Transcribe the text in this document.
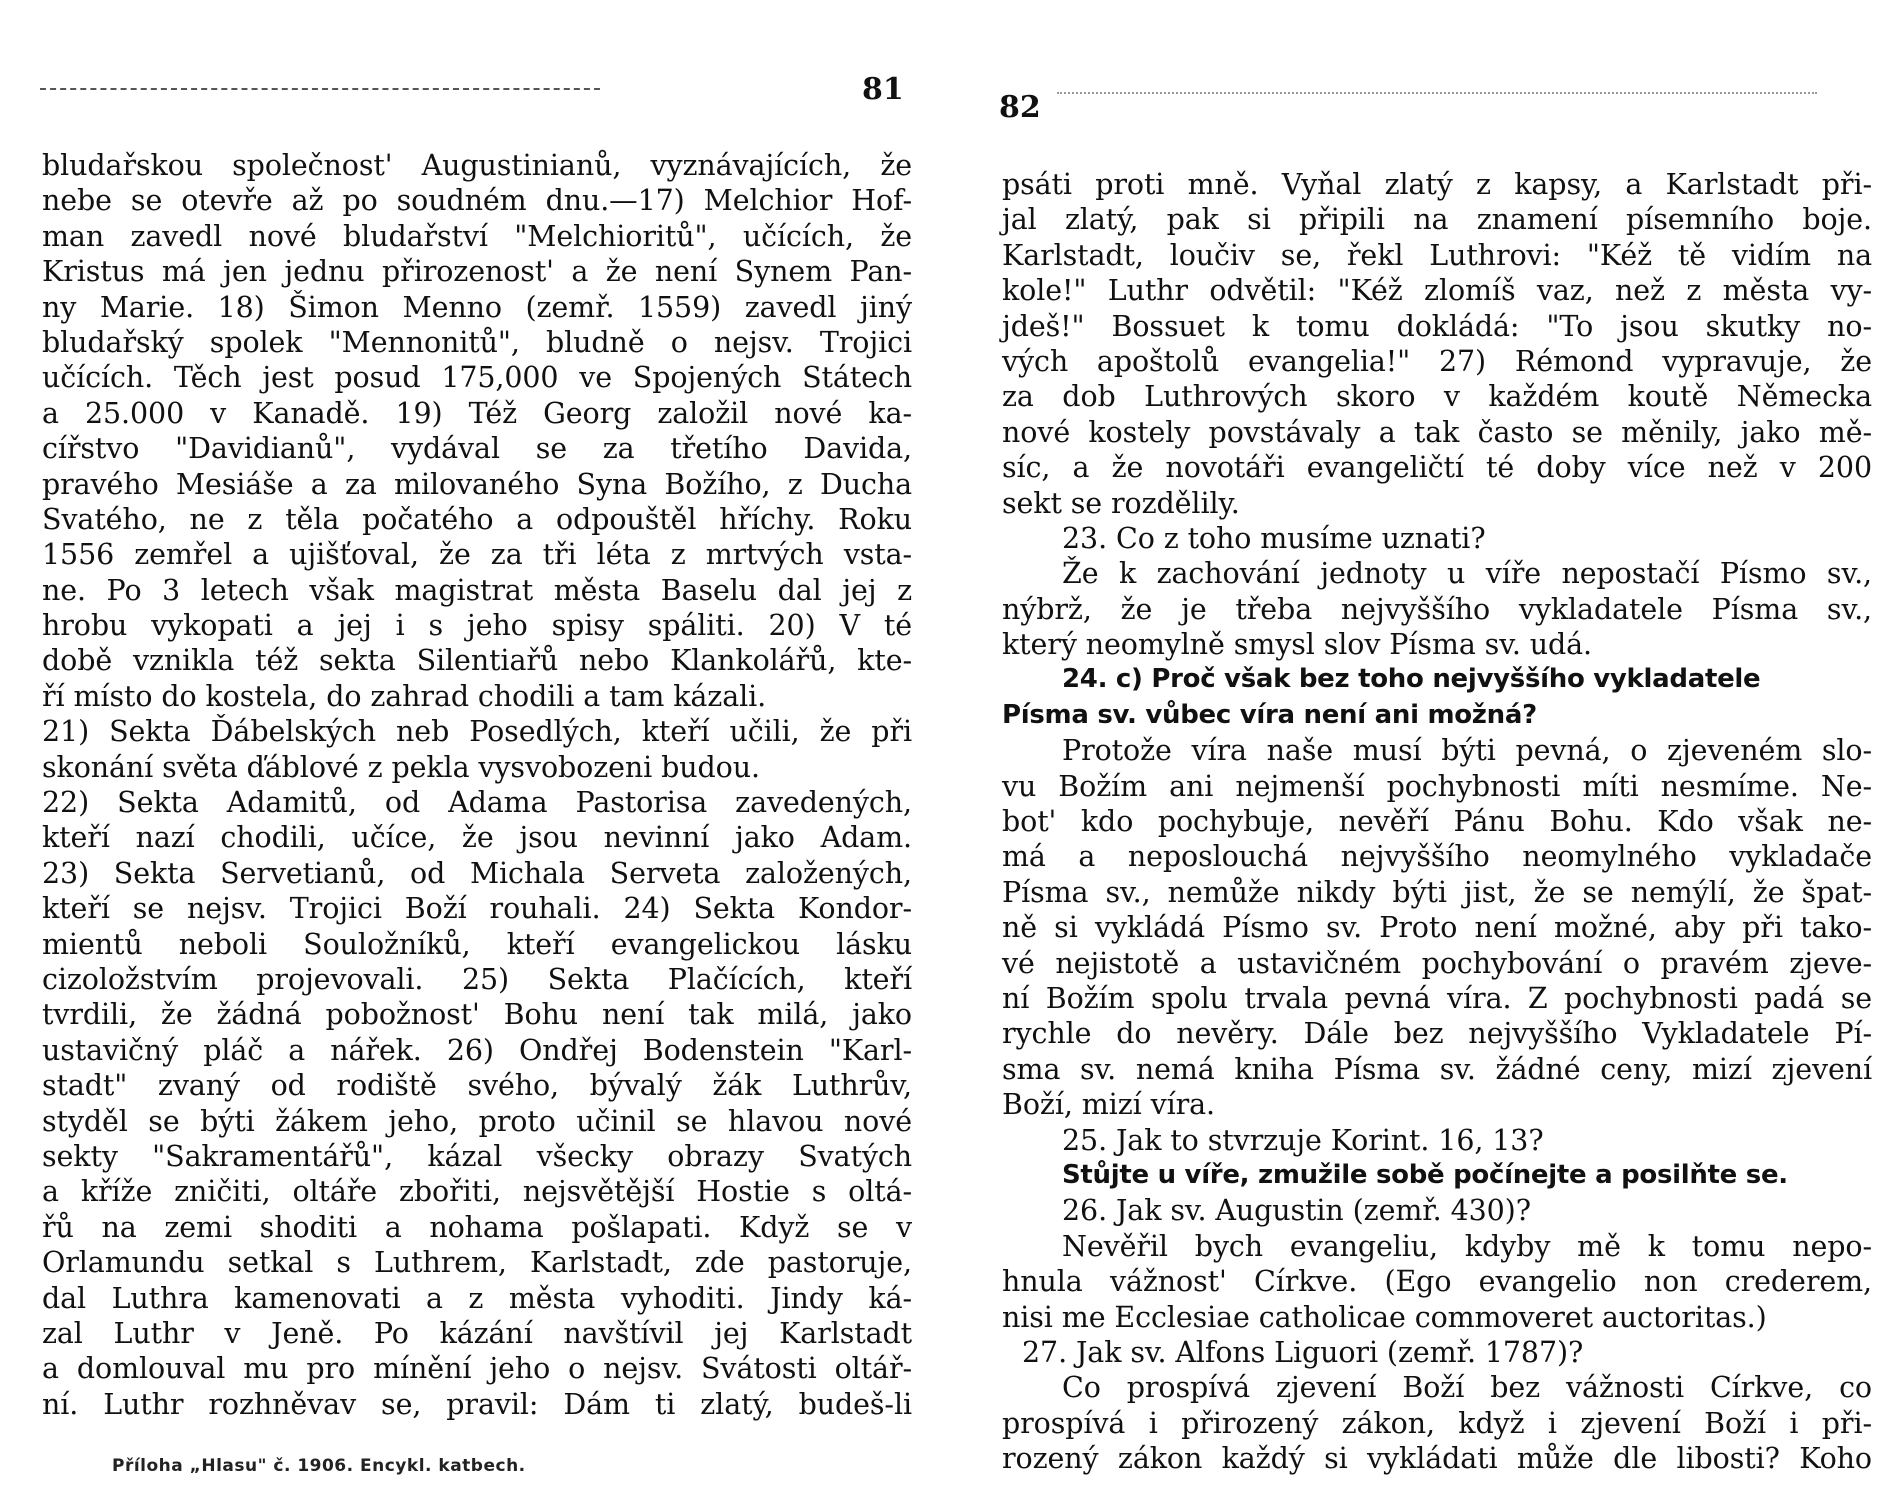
81
bludařskou společnost' Augustinianů, vyznávajících, že
nebe se otevře až po soudném dnu.—17) Melchior Hof-
man zavedl nové bludařství "Melchioritů", učících, že
Kristus má jen jednu přirozenost' a že není Synem Pan-
ny Marie. 18) Šimon Menno (zemř. 1559) zavedl jiný
bludařský spolek "Mennonitů", bludně o nejsv. Trojici
učících. Těch jest posud 175,000 ve Spojených Státech
a 25.000 v Kanadě. 19) Též Georg založil nové ka-
cířstvo "Davidianů", vydával se za třetího Davida,
pravého Mesiáše a za milovaného Syna Božího, z Ducha
Svatého, ne z těla počatého a odpouštěl hříchy. Roku
1556 zemřel a ujišťoval, že za tři léta z mrtvých vsta-
ne. Po 3 letech však magistrat města Baselu dal jej z
hrobu vykopati a jej i s jeho spisy spáliti. 20) V té
době vznikla též sekta Silentiařů nebo Klankolářů, kte-
ří místo do kostela, do zahrad chodili a tam kázali.
21) Sekta Ďábelských neb Posedlých, kteří učili, že při
skonání světa ďáblové z pekla vysvobozeni budou.
22) Sekta Adamitů, od Adama Pastorisa zavedených,
kteří nazí chodili, učíce, že jsou nevinní jako Adam.
23) Sekta Servetianů, od Michala Serveta založených,
kteří se nejsv. Trojici Boží rouhali. 24) Sekta Kondor-
mientů neboli Souložníků, kteří evangelickou lásku
cizoložstvím projevovali. 25) Sekta Plačících, kteří
tvrdili, že žádná pobožnost' Bohu není tak milá, jako
ustavičný pláč a nářek. 26) Ondřej Bodenstein "Karl-
stadt" zvaný od rodiště svého, bývalý žák Luthrův,
styděl se býti žákem jeho, proto učinil se hlavou nové
sekty "Sakramentářů", kázal všecky obrazy Svatých
a kříže zničiti, oltáře zbořiti, nejsvětější Hostie s oltá-
řů na zemi shoditi a nohama pošlapati. Když se v
Orlamundu setkal s Luthrem, Karlstadt, zde pastoruje,
dal Luthra kamenovati a z města vyhoditi. Jindy ká-
zal Luthr v Jeně. Po kázání navštívil jej Karlstadt
a domlouval mu pro mínění jeho o nejsv. Svátosti oltář-
ní. Luthr rozhněvav se, pravil: Dám ti zlatý, budeš-li
Příloha „Hlasu" č. 1906. Encykl. katbech.
82
psáti proti mně. Vyňal zlatý z kapsy, a Karlstadt při-
jal zlatý, pak si připili na znamení písemního boje.
Karlstadt, loučiv se, řekl Luthrovi: "Kéž tě vidím na
kole!" Luthr odvětil: "Kéž zlomíš vaz, než z města vy-
jdeš!" Bossuet k tomu dokládá: "To jsou skutky no-
vých apoštolů evangelia!" 27) Rémond vypravuje, že
za dob Luthrových skoro v každém koutě Německa
nové kostely povstávaly a tak často se měnily, jako mě-
síc, a že novotáři evangeličtí té doby více než v 200
sekt se rozdělily.
23. Co z toho musíme uznati?
Že k zachování jednoty u víře nepostačí Písmo sv.,
nýbrž, že je třeba nejvyššího vykladatele Písma sv.,
který neomylně smysl slov Písma sv. udá.
24. c) Proč však bez toho nejvyššího vykladatele
Písma sv. vůbec víra není ani možná?
Protože víra naše musí býti pevná, o zjeveném slo-
vu Božím ani nejmenší pochybnosti míti nesmíme. Ne-
bot' kdo pochybuje, nevěří Pánu Bohu. Kdo však ne-
má a neposlouchá nejvyššího neomylného vykladače
Písma sv., nemůže nikdy býti jist, že se nemýlí, že špat-
ně si vykládá Písmo sv. Proto není možné, aby při tako-
vé nejistotě a ustavičném pochybování o pravém zjeve-
ní Božím spolu trvala pevná víra. Z pochybnosti padá se
rychle do nevěry. Dále bez nejvyššího Vykladatele Pí-
sma sv. nemá kniha Písma sv. žádné ceny, mizí zjevení
Boží, mizí víra.
25. Jak to stvrzuje Korint. 16, 13?
Stůjte u víře, zmužile sobě počínejte a posilňte se.
26. Jak sv. Augustin (zemř. 430)?
Nevěřil bych evangeliu, kdyby mě k tomu nepo-
hnula vážnost' Církve. (Ego evangelio non crederem,
nisi me Ecclesiae catholicae commoveret auctoritas.)
27. Jak sv. Alfons Liguori (zemř. 1787)?
Co prospívá zjevení Boží bez vážnosti Církve, co
prospívá i přirozený zákon, když i zjevení Boží i při-
rozený zákon každý si vykládati může dle libosti? Koho
